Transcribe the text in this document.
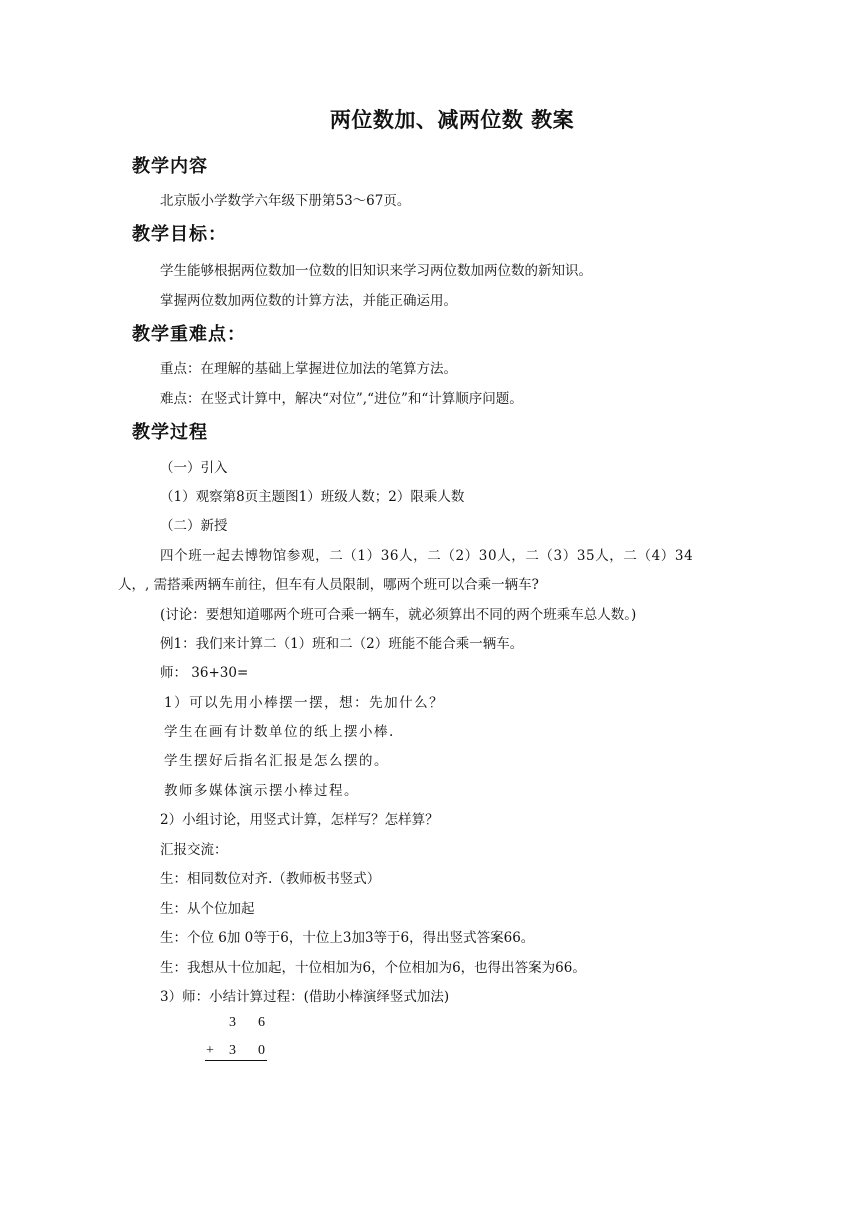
两位数加、减两位数 教案
教学内容
北京版小学数学六年级下册第53～67页。
教学目标：
学生能够根据两位数加一位数的旧知识来学习两位数加两位数的新知识。
掌握两位数加两位数的计算方法，并能正确运用。
教学重难点：
重点：在理解的基础上掌握进位加法的笔算方法。
难点：在竖式计算中，解决“对位”,“进位”和“计算顺序问题。
教学过程
（一）引入
（1）观察第8页主题图1）班级人数；2）限乘人数
（二）新授
四个班一起去博物馆参观，二（1）36人，二（2）30人，二（3）35人，二（4）34
人，, 需搭乘两辆车前往，但车有人员限制，哪两个班可以合乘一辆车?
(讨论：要想知道哪两个班可合乘一辆车，就必须算出不同的两个班乘车总人数。)
例1：我们来计算二（1）班和二（2）班能不能合乘一辆车。
师： 36+30=
1）可以先用小棒摆一摆，想：先加什么？
学生在画有计数单位的纸上摆小棒.
学生摆好后指名汇报是怎么摆的。
教师多媒体演示摆小棒过程。
2）小组讨论，用竖式计算，怎样写？怎样算？
汇报交流：
生：相同数位对齐.（教师板书竖式）
生：从个位加起
生：个位 6加 0等于6，十位上3加3等于6，得出竖式答案66。
生：我想从十位加起，十位相加为6，个位相加为6，也得出答案为66。
3）师：小结计算过程：(借助小棒演绎竖式加法)
3 6
+ 3 0
